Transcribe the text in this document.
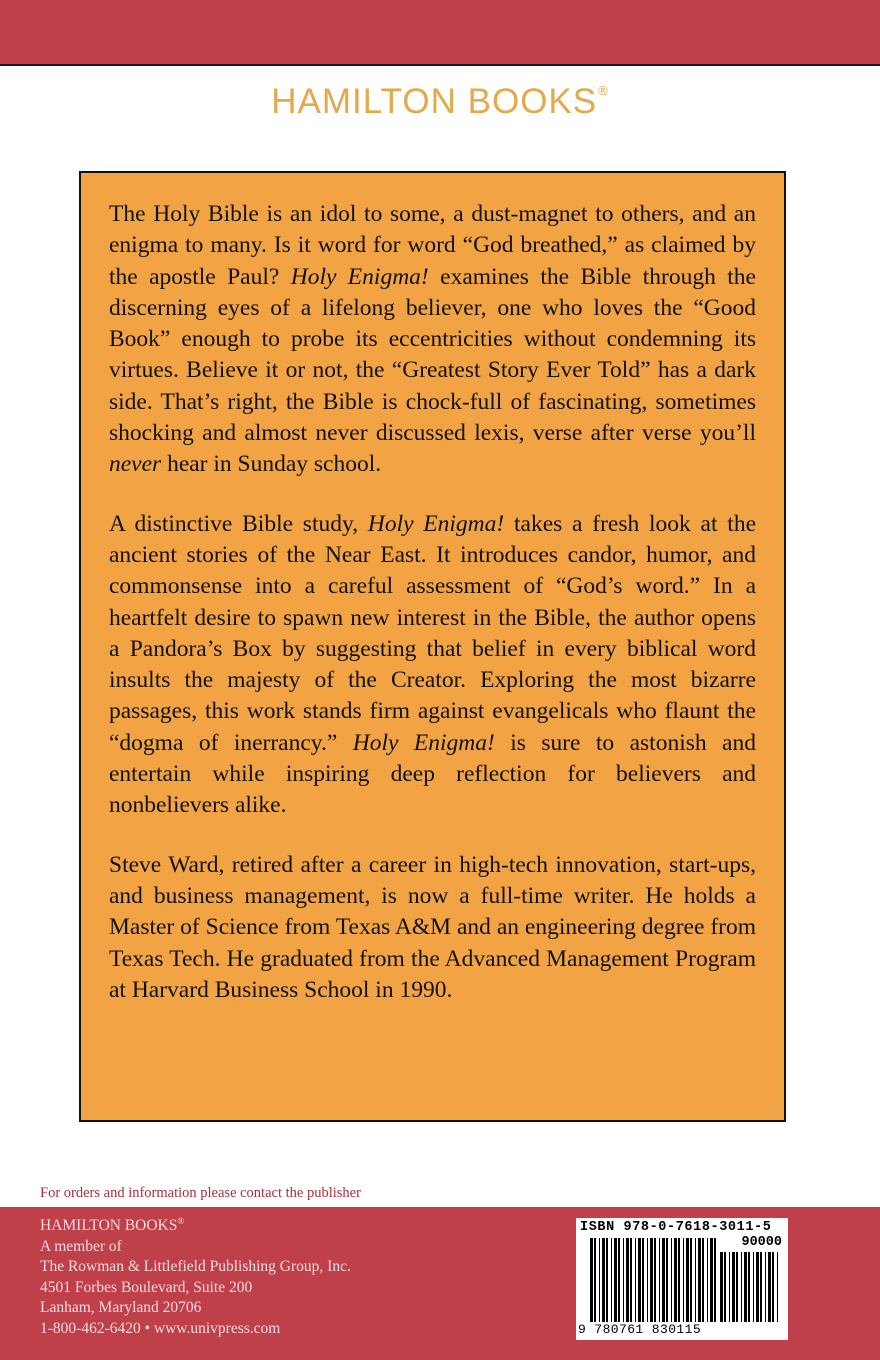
HAMILTON BOOKS®

The Holy Bible is an idol to some, a dust-magnet to others, and an enigma to many. Is it word for word “God breathed,” as claimed by the apostle Paul? Holy Enigma! examines the Bible through the discerning eyes of a lifelong believer, one who loves the “Good Book” enough to probe its eccentricities without condemning its virtues. Believe it or not, the “Greatest Story Ever Told” has a dark side. That’s right, the Bible is chock-full of fascinating, sometimes shocking and almost never discussed lexis, verse after verse you’ll never hear in Sunday school.

A distinctive Bible study, Holy Enigma! takes a fresh look at the ancient stories of the Near East. It introduces candor, humor, and commonsense into a careful assessment of “God’s word.” In a heartfelt desire to spawn new interest in the Bible, the author opens a Pandora’s Box by suggesting that belief in every biblical word insults the majesty of the Creator. Exploring the most bizarre passages, this work stands firm against evangelicals who flaunt the “dogma of inerrancy.” Holy Enigma! is sure to astonish and entertain while inspiring deep reflection for believers and nonbelievers alike.

Steve Ward, retired after a career in high-tech innovation, start-ups, and business management, is now a full-time writer. He holds a Master of Science from Texas A&M and an engineering degree from Texas Tech. He graduated from the Advanced Management Program at Harvard Business School in 1990.

For orders and information please contact the publisher
HAMILTON BOOKS®
A member of
The Rowman & Littlefield Publishing Group, Inc.
4501 Forbes Boulevard, Suite 200
Lanham, Maryland 20706
1-800-462-6420 • www.univpress.com
ISBN 978-0-7618-3011-5
90000
9 780761 830115
